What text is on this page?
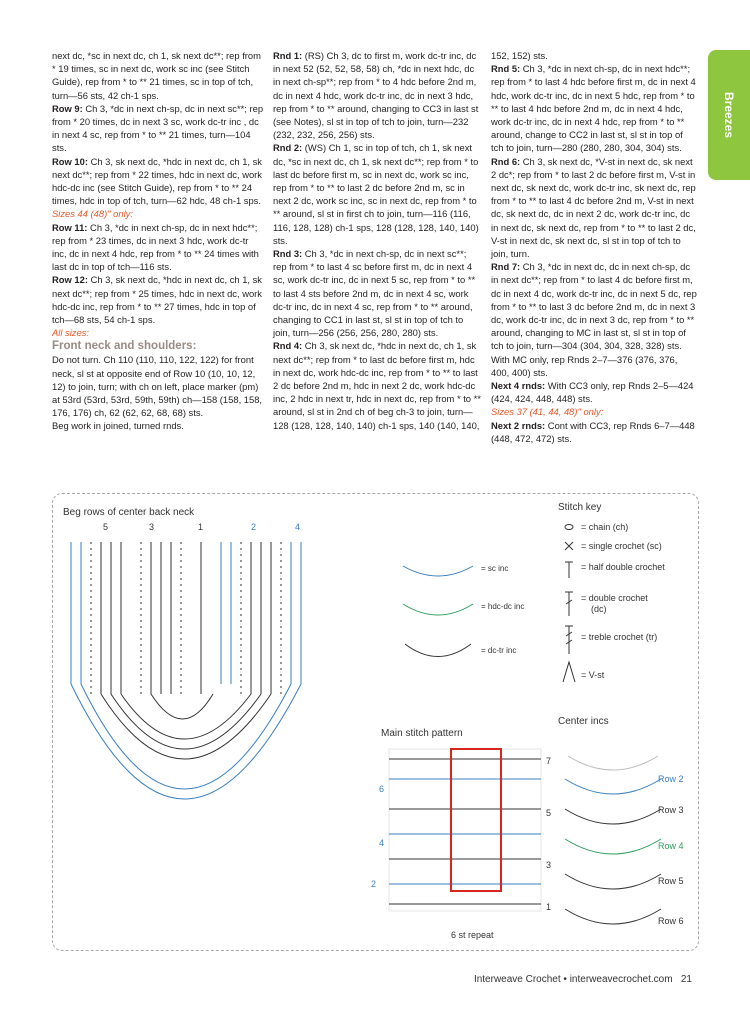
Breezes

next dc, *sc in next dc, ch 1, sk next dc**; rep from * 19 times, sc in next dc, work sc inc (see Stitch Guide), rep from * to ** 21 times, sc in top of tch, turn—56 sts, 42 ch-1 sps.

Row 9: Ch 3, *dc in next ch-sp, dc in next sc**; rep from * 20 times, dc in next 3 sc, work dc-tr inc , dc in next 4 sc, rep from * to ** 21 times, turn—104 sts.

Row 10: Ch 3, sk next dc, *hdc in next dc, ch 1, sk next dc**; rep from * 22 times, hdc in next dc, work hdc-dc inc (see Stitch Guide), rep from * to ** 24 times, hdc in top of tch, turn—62 hdc, 48 ch-1 sps.

Sizes 44 (48)" only:

Row 11: Ch 3, *dc in next ch-sp, dc in next hdc**; rep from * 23 times, dc in next 3 hdc, work dc-tr inc, dc in next 4 hdc, rep from * to ** 24 times with last dc in top of tch—116 sts.

Row 12: Ch 3, sk next dc, *hdc in next dc, ch 1, sk next dc**; rep from * 25 times, hdc in next dc, work hdc-dc inc, rep from * to ** 27 times, hdc in top of tch—68 sts, 54 ch-1 sps.

All sizes:

Front neck and shoulders:

Do not turn. Ch 110 (110, 110, 122, 122) for front neck, sl st at opposite end of Row 10 (10, 10, 12, 12) to join, turn; with ch on left, place marker (pm) at 53rd (53rd, 53rd, 59th, 59th) ch—158 (158, 158, 176, 176) ch, 62 (62, 62, 68, 68) sts.

Beg work in joined, turned rnds.

Rnd 1: (RS) Ch 3, dc to first m, work dc-tr inc, dc in next 52 (52, 52, 58, 58) ch, *dc in next hdc, dc in next ch-sp**; rep from * to 4 hdc before 2nd m, dc in next 4 hdc, work dc-tr inc, dc in next 3 hdc, rep from * to ** around, changing to CC3 in last st (see Notes), sl st in top of tch to join, turn—232 (232, 232, 256, 256) sts.

Rnd 2: (WS) Ch 1, sc in top of tch, ch 1, sk next dc, *sc in next dc, ch 1, sk next dc**; rep from * to last dc before first m, sc in next dc, work sc inc, rep from * to ** to last 2 dc before 2nd m, sc in next 2 dc, work sc inc, sc in next dc, rep from * to ** around, sl st in first ch to join, turn—116 (116, 116, 128, 128) ch-1 sps, 128 (128, 128, 140, 140) sts.

Rnd 3: Ch 3, *dc in next ch-sp, dc in next sc**; rep from * to last 4 sc before first m, dc in next 4 sc, work dc-tr inc, dc in next 5 sc, rep from * to ** to last 4 sts before 2nd m, dc in next 4 sc, work dc-tr inc, dc in next 4 sc, rep from * to ** around, changing to CC1 in last st, sl st in top of tch to join, turn—256 (256, 256, 280, 280) sts.

Rnd 4: Ch 3, sk next dc, *hdc in next dc, ch 1, sk next dc**; rep from * to last dc before first m, hdc in next dc, work hdc-dc inc, rep from * to ** to last 2 dc before 2nd m, hdc in next 2 dc, work hdc-dc inc, 2 hdc in next tr, hdc in next dc, rep from * to ** around, sl st in 2nd ch of beg ch-3 to join, turn—128 (128, 128, 140, 140) ch-1 sps, 140 (140, 140,

152, 152) sts.

Rnd 5: Ch 3, *dc in next ch-sp, dc in next hdc**; rep from * to last 4 hdc before first m, dc in next 4 hdc, work dc-tr inc, dc in next 5 hdc, rep from * to ** to last 4 hdc before 2nd m, dc in next 4 hdc, work dc-tr inc, dc in next 4 hdc, rep from * to ** around, change to CC2 in last st, sl st in top of tch to join, turn—280 (280, 280, 304, 304) sts.

Rnd 6: Ch 3, sk next dc, *V-st in next dc, sk next 2 dc*; rep from * to last 2 dc before first m, V-st in next dc, sk next dc, work dc-tr inc, sk next dc, rep from * to ** to last 4 dc before 2nd m, V-st in next dc, sk next dc, dc in next 2 dc, work dc-tr inc, dc in next dc, sk next dc, rep from * to ** to last 2 dc, V-st in next dc, sk next dc, sl st in top of tch to join, turn.

Rnd 7: Ch 3, *dc in next dc, dc in next ch-sp, dc in next dc**; rep from * to last 4 dc before first m, dc in next 4 dc, work dc-tr inc, dc in next 5 dc, rep from * to ** to last 3 dc before 2nd m, dc in next 3 dc, work dc-tr inc, dc in next 3 dc, rep from * to ** around, changing to MC in last st, sl st in top of tch to join, turn—304 (304, 304, 328, 328) sts.

With MC only, rep Rnds 2–7—376 (376, 376, 400, 400) sts.

Next 4 rnds: With CC3 only, rep Rnds 2–5—424 (424, 424, 448, 448) sts.

Sizes 37 (41, 44, 48)" only:

Next 2 rnds: Cont with CC3, rep Rnds 6–7—448 (448, 472, 472) sts.

Beg rows of center back neck
5	3	1	2	4
= sc inc
= hdc-dc inc
= dc-tr inc
Stitch key
= chain (ch)
= single crochet (sc)
= half double crochet
= double crochet
(dc)
= treble crochet (tr)
= V-st
Main stitch pattern
7
5
3
1
6
4
2
6 st repeat
Center incs
Row 2
Row 3
Row 4
Row 5
Row 6
Interweave Crochet • interweavecrochet.com 21
